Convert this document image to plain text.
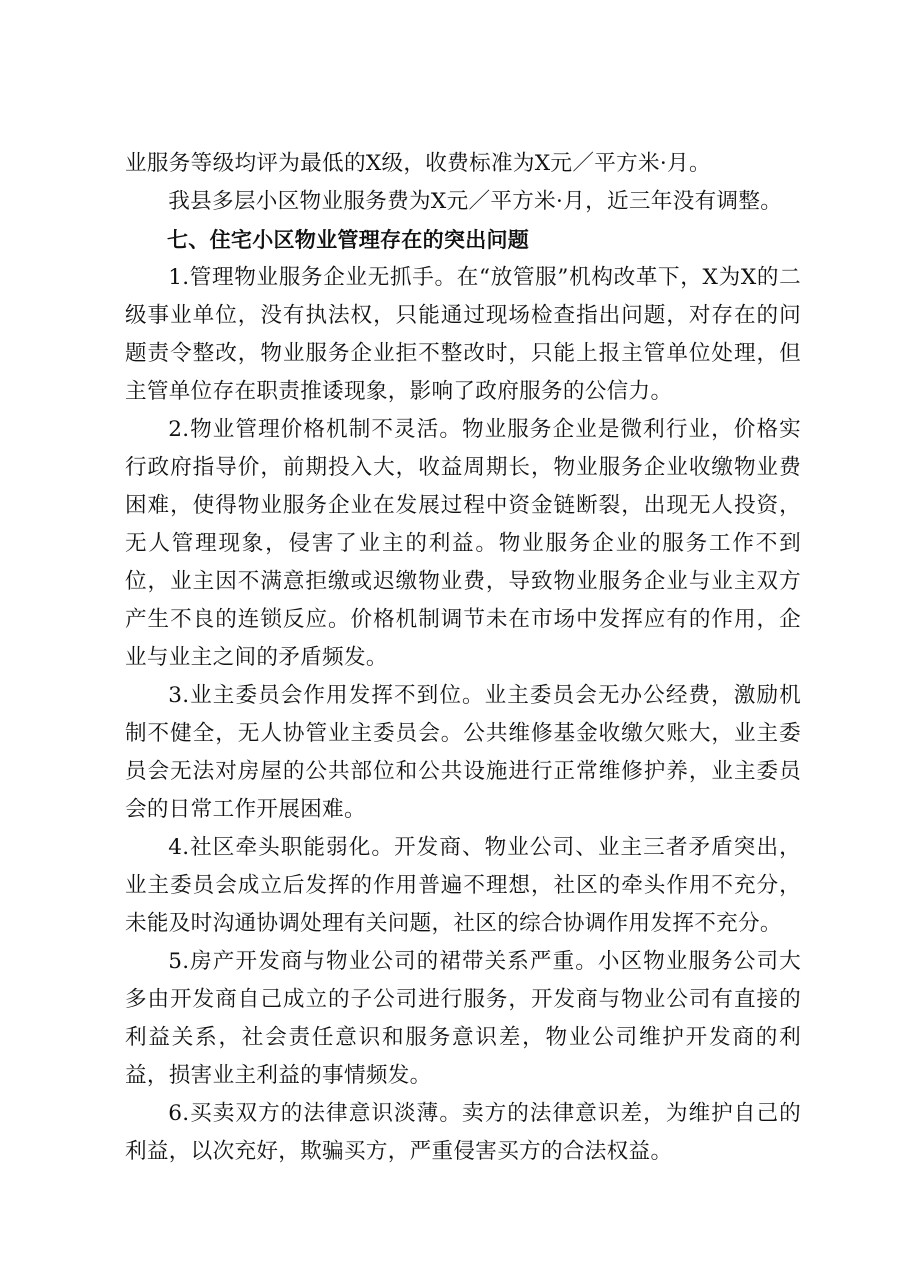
业服务等级均评为最低的X级，收费标准为X元／平方米·月。

我县多层小区物业服务费为X元／平方米·月，近三年没有调整。

七、住宅小区物业管理存在的突出问题

1.管理物业服务企业无抓手。在“放管服”机构改革下，X为X的二级事业单位，没有执法权，只能通过现场检查指出问题，对存在的问题责令整改，物业服务企业拒不整改时，只能上报主管单位处理，但主管单位存在职责推诿现象，影响了政府服务的公信力。

2.物业管理价格机制不灵活。物业服务企业是微利行业，价格实行政府指导价，前期投入大，收益周期长，物业服务企业收缴物业费困难，使得物业服务企业在发展过程中资金链断裂，出现无人投资，无人管理现象，侵害了业主的利益。物业服务企业的服务工作不到位，业主因不满意拒缴或迟缴物业费，导致物业服务企业与业主双方产生不良的连锁反应。价格机制调节未在市场中发挥应有的作用，企业与业主之间的矛盾频发。

3.业主委员会作用发挥不到位。业主委员会无办公经费，激励机制不健全，无人协管业主委员会。公共维修基金收缴欠账大，业主委员会无法对房屋的公共部位和公共设施进行正常维修护养，业主委员会的日常工作开展困难。

4.社区牵头职能弱化。开发商、物业公司、业主三者矛盾突出，业主委员会成立后发挥的作用普遍不理想，社区的牵头作用不充分，未能及时沟通协调处理有关问题，社区的综合协调作用发挥不充分。

5.房产开发商与物业公司的裙带关系严重。小区物业服务公司大多由开发商自己成立的子公司进行服务，开发商与物业公司有直接的利益关系，社会责任意识和服务意识差，物业公司维护开发商的利益，损害业主利益的事情频发。

6.买卖双方的法律意识淡薄。卖方的法律意识差，为维护自己的利益，以次充好，欺骗买方，严重侵害买方的合法权益。
